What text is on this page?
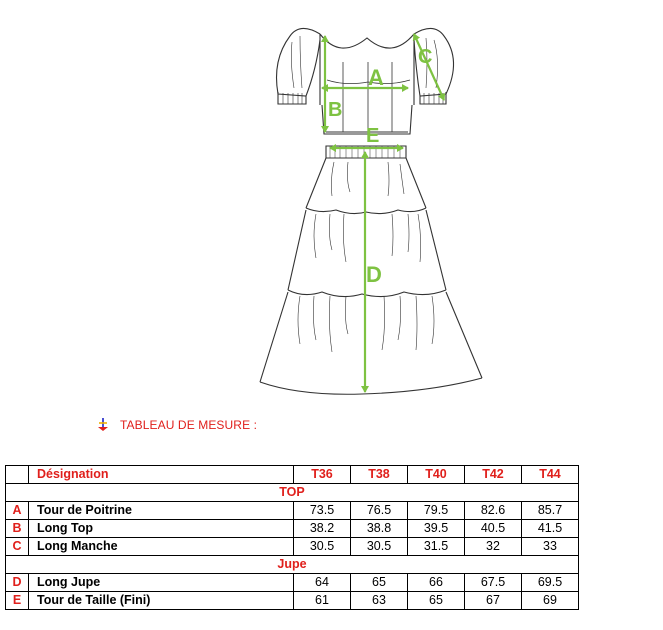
A
B
C
E
D
TABLEAU DE MESURE :
	Désignation	T36	T38	T40	T42	T44
TOP						
A	Tour de Poitrine	73.5	76.5	79.5	82.6	85.7
B	Long Top	38.2	38.8	39.5	40.5	41.5
C	Long Manche	30.5	30.5	31.5	32	33
Jupe						
D	Long Jupe	64	65	66	67.5	69.5
E	Tour de Taille (Fini)	61	63	65	67	69
